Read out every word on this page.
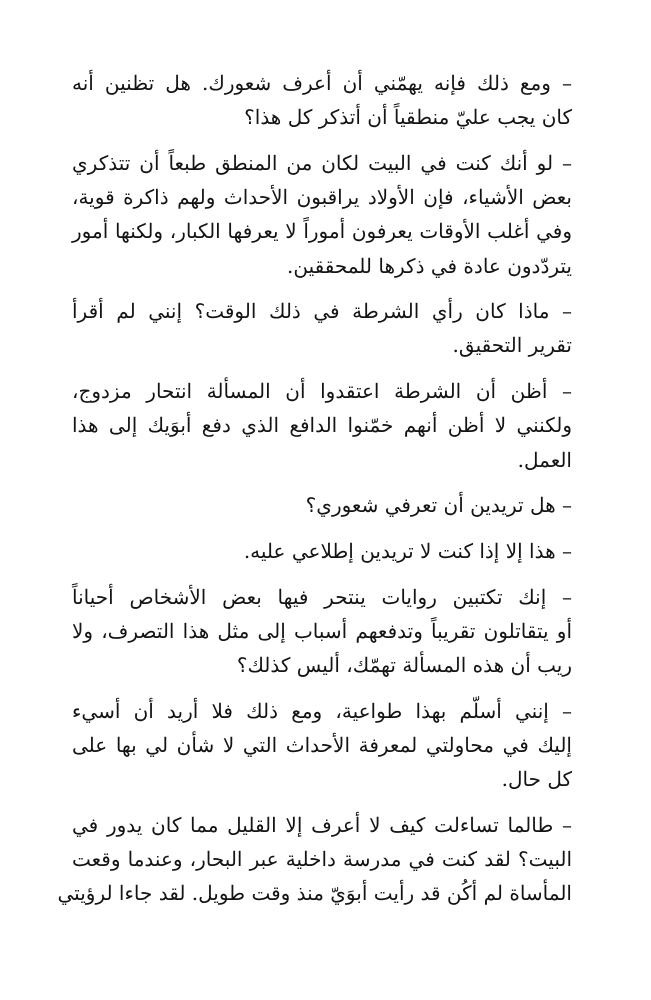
– ومع ذلك فإنه يهمّني أن أعرف شعورك. هل تظنين أنه
كان يجب عليّ منطقياً أن أتذكر كل هذا؟

– لو أنك كنت في البيت لكان من المنطق طبعاً أن تتذكري
بعض الأشياء، فإن الأولاد يراقبون الأحداث ولهم ذاكرة قوية،
وفي أغلب الأوقات يعرفون أموراً لا يعرفها الكبار، ولكنها أمور
يتردّدون عادة في ذكرها للمحققين.

– ماذا كان رأي الشرطة في ذلك الوقت؟ إنني لم أقرأ
تقرير التحقيق.

– أظن أن الشرطة اعتقدوا أن المسألة انتحار مزدوج،
ولكنني لا أظن أنهم خمّنوا الدافع الذي دفع أبوَيك إلى هذا
العمل.

– هل تريدين أن تعرفي شعوري؟

– هذا إلا إذا كنت لا تريدين إطلاعي عليه.

– إنك تكتبين روايات ينتحر فيها بعض الأشخاص أحياناً
أو يتقاتلون تقريباً وتدفعهم أسباب إلى مثل هذا التصرف، ولا
ريب أن هذه المسألة تهمّك، أليس كذلك؟

– إنني أسلّم بهذا طواعية، ومع ذلك فلا أريد أن أسيء
إليك في محاولتي لمعرفة الأحداث التي لا شأن لي بها على
كل حال.

– طالما تساءلت كيف لا أعرف إلا القليل مما كان يدور في
البيت؟ لقد كنت في مدرسة داخلية عبر البحار، وعندما وقعت
المأساة لم أكُن قد رأيت أبوَيّ منذ وقت طويل. لقد جاءا لرؤيتي
